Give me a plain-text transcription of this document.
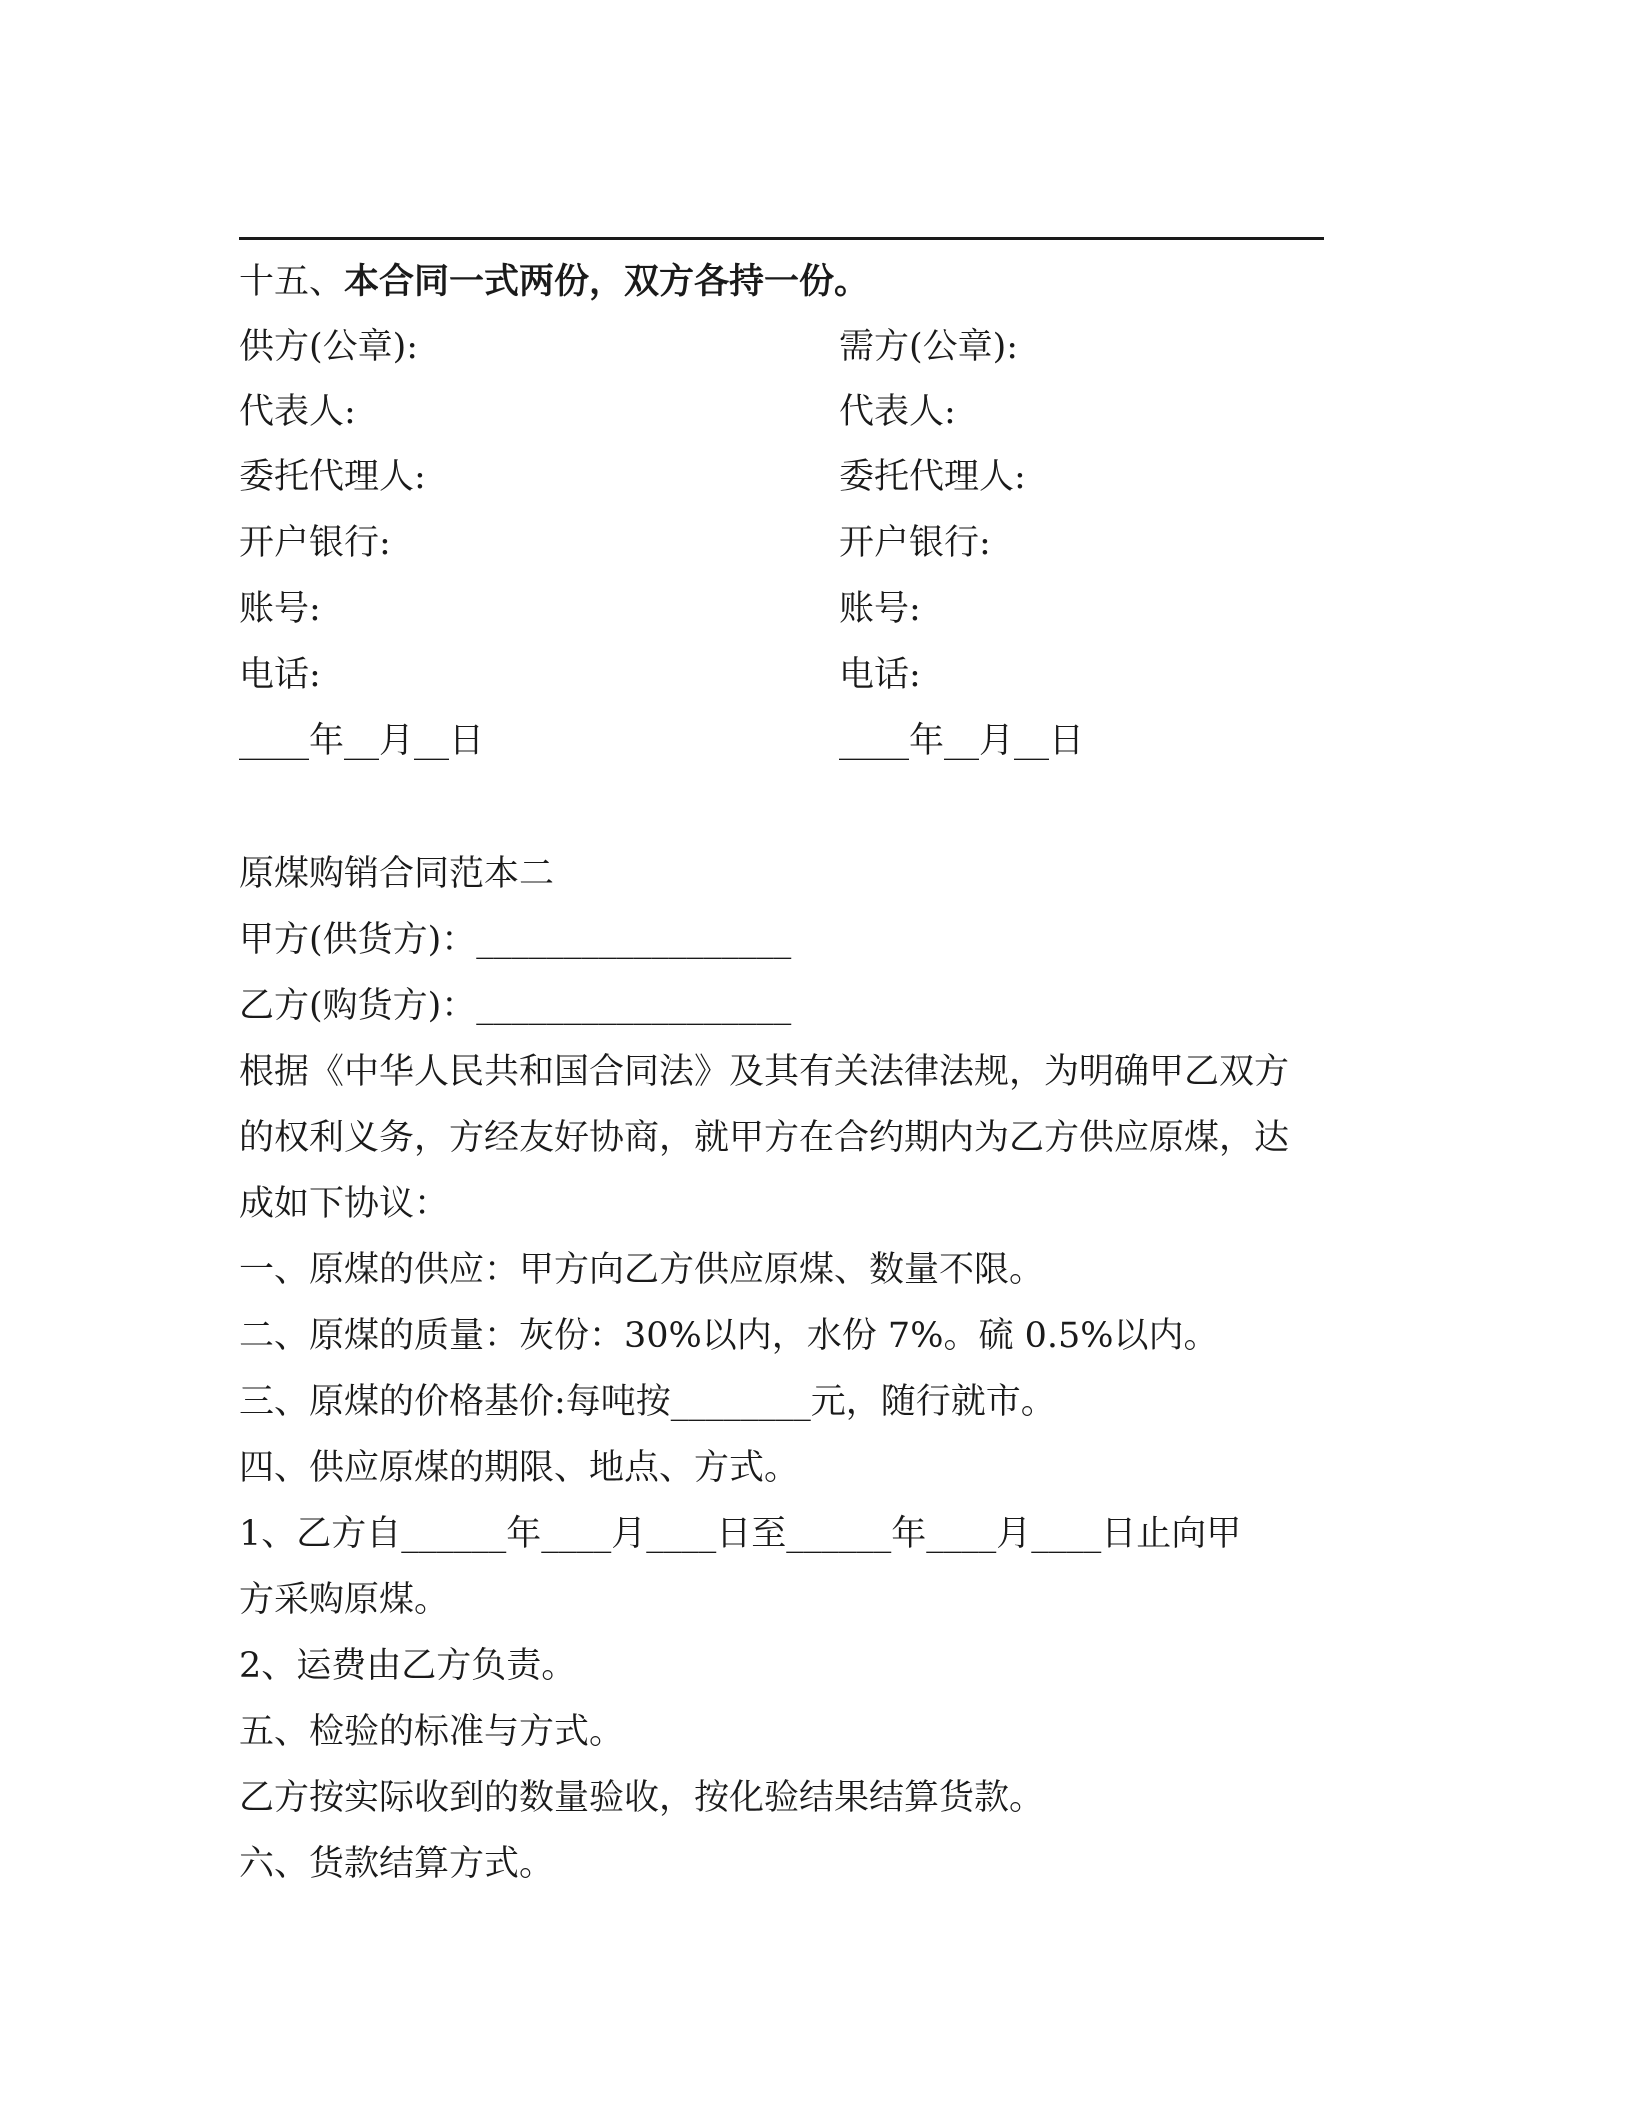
十五、本合同一式两份，双方各持一份。

供方(公章):

代表人:

委托代理人:

开户银行:

账号:

电话:

____年__月__日

需方(公章):

代表人:

委托代理人:

开户银行:

账号:

电话:

____年__月__日

原煤购销合同范本二

甲方(供货方)：__________________

乙方(购货方)：__________________

根据《中华人民共和国合同法》及其有关法律法规，为明确甲乙双方

的权利义务，方经友好协商，就甲方在合约期内为乙方供应原煤，达

成如下协议：

一、原煤的供应：甲方向乙方供应原煤、数量不限。

二、原煤的质量：灰份：30%以内，水份 7%。硫 0.5%以内。

三、原煤的价格基价:每吨按________元，随行就市。

四、供应原煤的期限、地点、方式。

1、乙方自______年____月____日至______年____月____日止向甲

方采购原煤。

2、运费由乙方负责。

五、检验的标准与方式。

乙方按实际收到的数量验收，按化验结果结算货款。

六、货款结算方式。
